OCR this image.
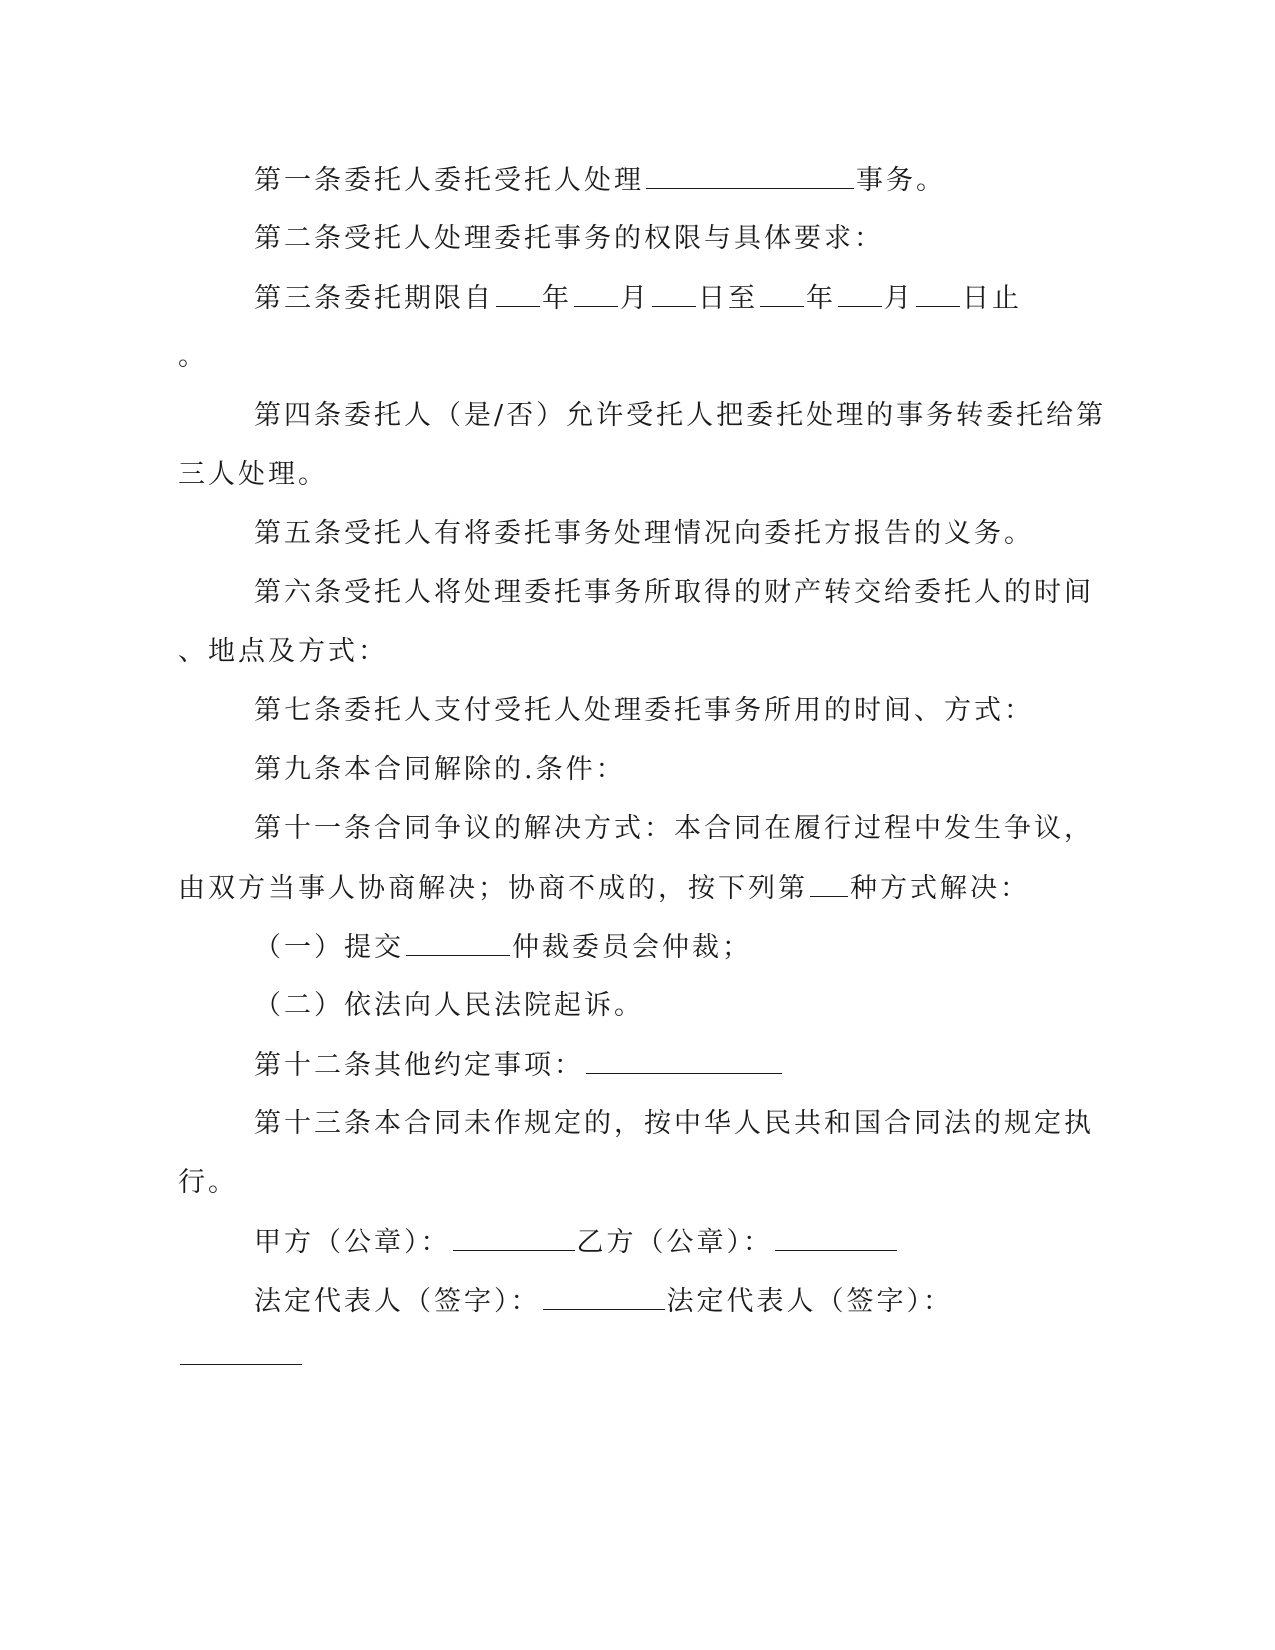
第一条委托人委托受托人处理	事务。
第二条受托人处理委托事务的权限与具体要求：
第三条委托期限自 年 月 日至 年 月 日止
。
第四条委托人（是/否）允许受托人把委托处理的事务转委托给第
三人处理。
第五条受托人有将委托事务处理情况向委托方报告的义务。
第六条受托人将处理委托事务所取得的财产转交给委托人的时间
、地点及方式：
第七条委托人支付受托人处理委托事务所用的时间、方式：
第九条本合同解除的.条件：
第十一条合同争议的解决方式：本合同在履行过程中发生争议，
由双方当事人协商解决；协商不成的，按下列第 种方式解决：
（一）提交	仲裁委员会仲裁；
（二）依法向人民法院起诉。
第十二条其他约定事项：
第十三条本合同未作规定的，按中华人民共和国合同法的规定执
行。
甲方（公章）：	乙方（公章）：
法定代表人（签字）：	法定代表人（签字）：
